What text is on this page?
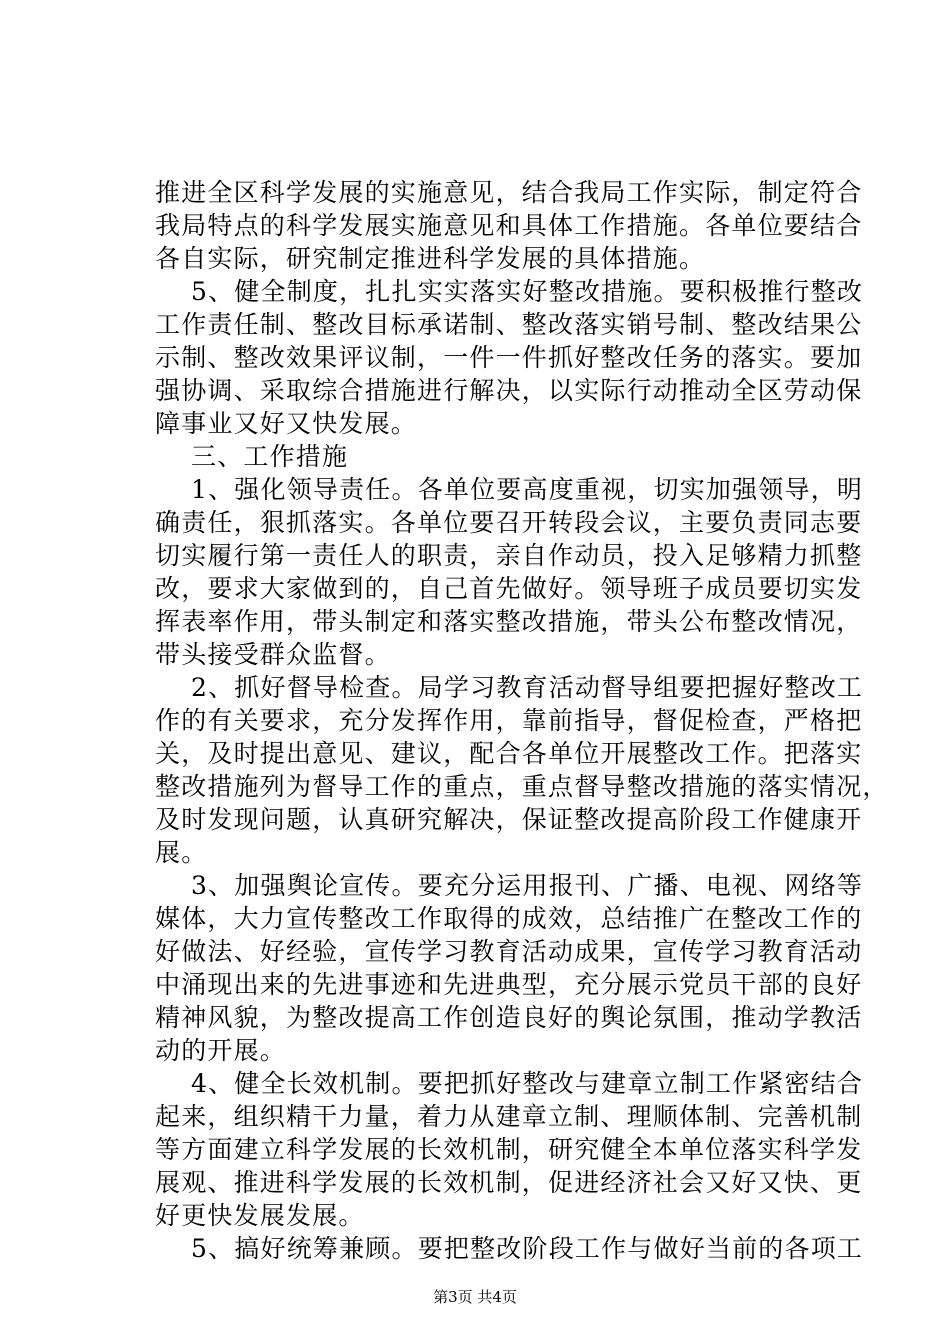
推进全区科学发展的实施意见，结合我局工作实际，制定符合
我局特点的科学发展实施意见和具体工作措施。各单位要结合
各自实际，研究制定推进科学发展的具体措施。
5、健全制度，扎扎实实落实好整改措施。要积极推行整改
工作责任制、整改目标承诺制、整改落实销号制、整改结果公
示制、整改效果评议制，一件一件抓好整改任务的落实。要加
强协调、采取综合措施进行解决，以实际行动推动全区劳动保
障事业又好又快发展。
三、工作措施
1、强化领导责任。各单位要高度重视，切实加强领导，明
确责任，狠抓落实。各单位要召开转段会议，主要负责同志要
切实履行第一责任人的职责，亲自作动员，投入足够精力抓整
改，要求大家做到的，自己首先做好。领导班子成员要切实发
挥表率作用，带头制定和落实整改措施，带头公布整改情况，
带头接受群众监督。
2、抓好督导检查。局学习教育活动督导组要把握好整改工
作的有关要求，充分发挥作用，靠前指导，督促检查，严格把
关，及时提出意见、建议，配合各单位开展整改工作。把落实
整改措施列为督导工作的重点，重点督导整改措施的落实情况，
及时发现问题，认真研究解决，保证整改提高阶段工作健康开
展。
3、加强舆论宣传。要充分运用报刊、广播、电视、网络等
媒体，大力宣传整改工作取得的成效，总结推广在整改工作的
好做法、好经验，宣传学习教育活动成果，宣传学习教育活动
中涌现出来的先进事迹和先进典型，充分展示党员干部的良好
精神风貌，为整改提高工作创造良好的舆论氛围，推动学教活
动的开展。
4、健全长效机制。要把抓好整改与建章立制工作紧密结合
起来，组织精干力量，着力从建章立制、理顺体制、完善机制
等方面建立科学发展的长效机制，研究健全本单位落实科学发
展观、推进科学发展的长效机制，促进经济社会又好又快、更
好更快发展发展。
5、搞好统筹兼顾。要把整改阶段工作与做好当前的各项工
第3页 共4页
